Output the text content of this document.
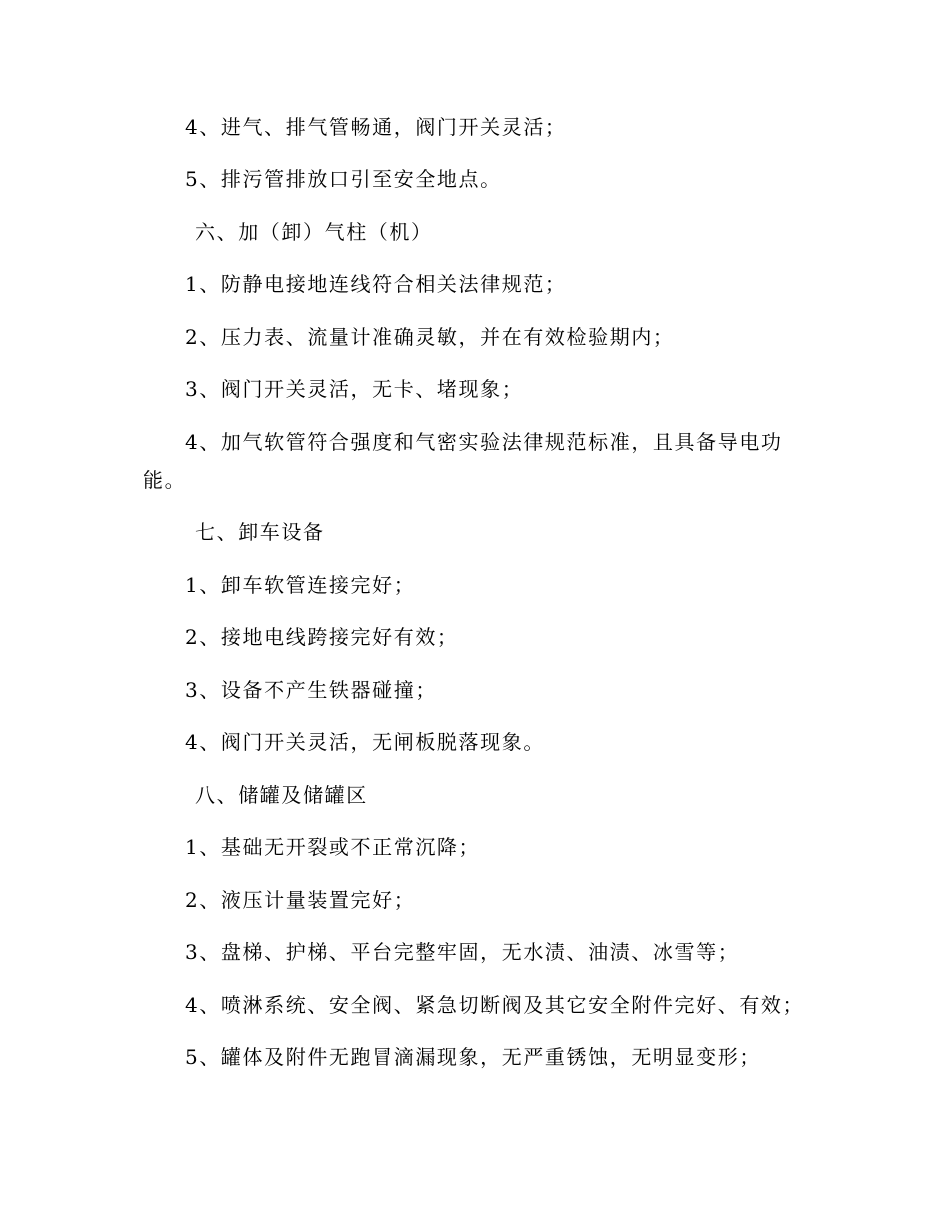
4、进气、排气管畅通，阀门开关灵活；
5、排污管排放口引至安全地点。
六、加（卸）气柱（机）
1、防静电接地连线符合相关法律规范；
2、压力表、流量计准确灵敏，并在有效检验期内；
3、阀门开关灵活，无卡、堵现象；
4、加气软管符合强度和气密实验法律规范标准，且具备导电功
能。
七、卸车设备
1、卸车软管连接完好；
2、接地电线跨接完好有效；
3、设备不产生铁器碰撞；
4、阀门开关灵活，无闸板脱落现象。
八、储罐及储罐区
1、基础无开裂或不正常沉降；
2、液压计量装置完好；
3、盘梯、护梯、平台完整牢固，无水渍、油渍、冰雪等；
4、喷淋系统、安全阀、紧急切断阀及其它安全附件完好、有效；
5、罐体及附件无跑冒滴漏现象，无严重锈蚀，无明显变形；
